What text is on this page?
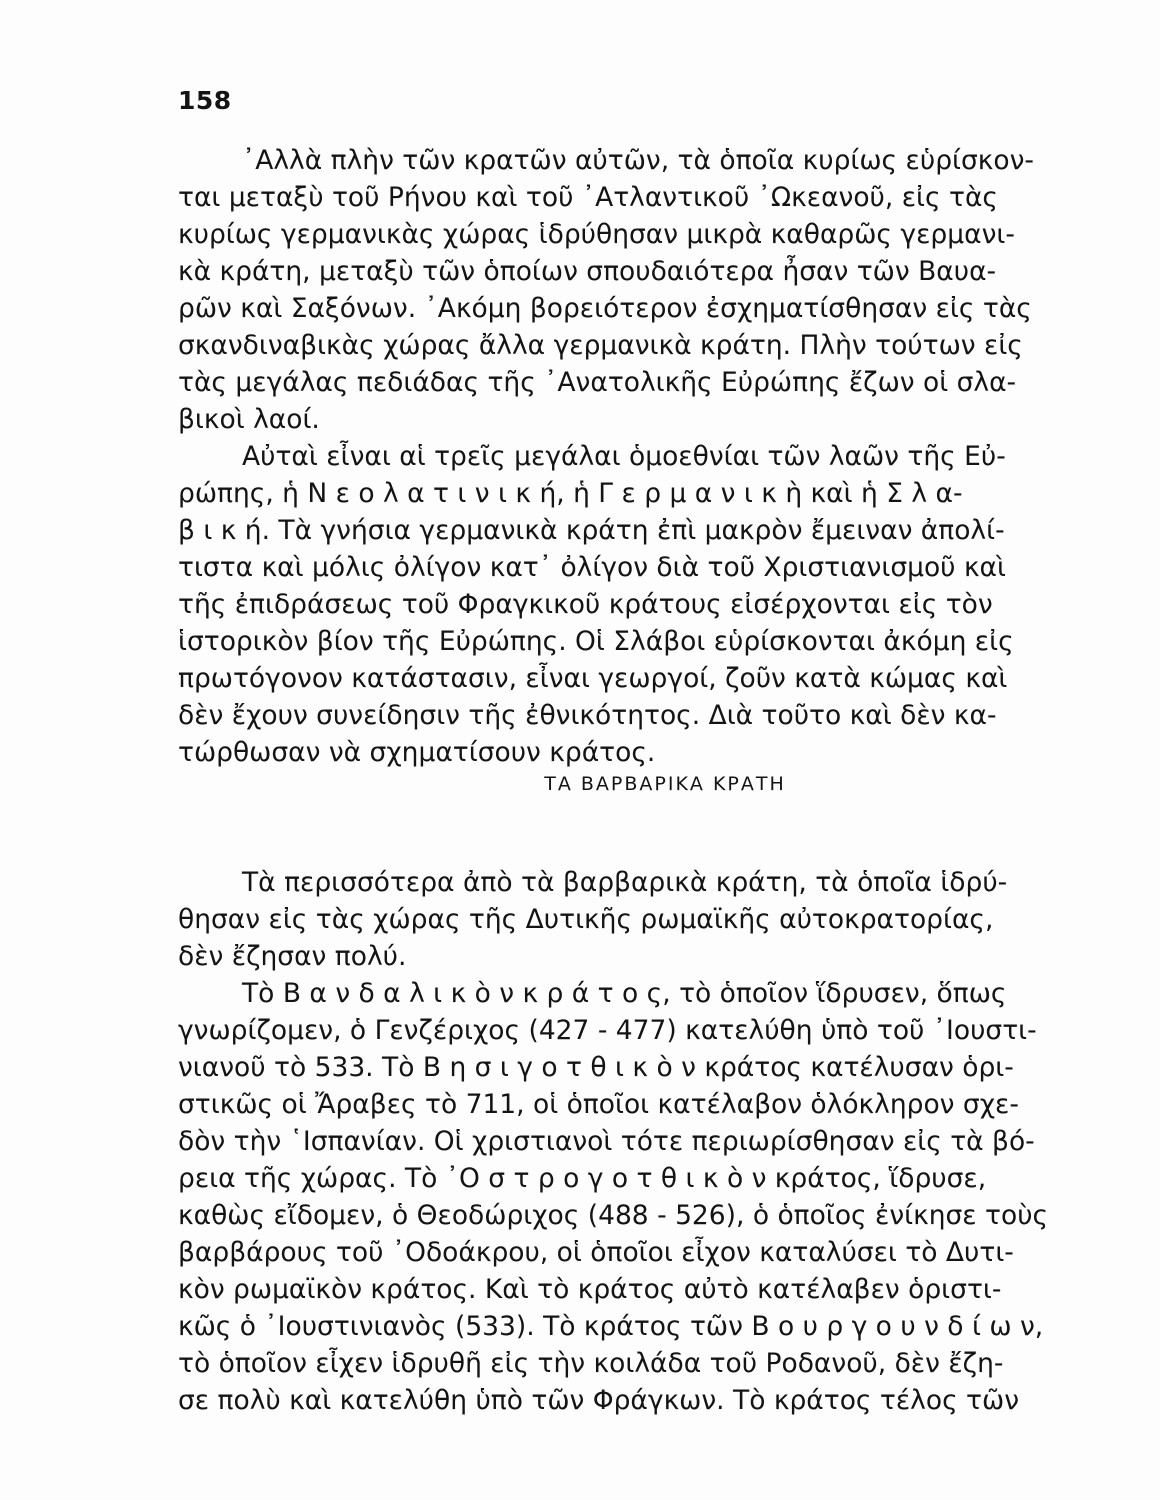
158
᾿Αλλὰ πλὴν τῶν κρατῶν αὐτῶν, τὰ ὁποῖα κυρίως εὑρίσκον-
ται μεταξὺ τοῦ Ρήνου καὶ τοῦ ᾿Ατλαντικοῦ ᾿Ωκεανοῦ, εἰς τὰς
κυρίως γερμανικὰς χώρας ἱδρύθησαν μικρὰ καθαρῶς γερμανι-
κὰ κράτη, μεταξὺ τῶν ὁποίων σπουδαιότερα ἦσαν τῶν Βαυα-
ρῶν καὶ Σαξόνων. ᾿Ακόμη βορειότερον ἐσχηματίσθησαν εἰς τὰς
σκανδιναβικὰς χώρας ἄλλα γερμανικὰ κράτη. Πλὴν τούτων εἰς
τὰς μεγάλας πεδιάδας τῆς ᾿Ανατολικῆς Εὐρώπης ἔζων οἱ σλα-
βικοὶ λαοί.
Αὐταὶ εἶναι αἱ τρεῖς μεγάλαι ὁμοεθνίαι τῶν λαῶν τῆς Εὐ-
ρώπης, ἡ Ν ε ο λ α τ ι ν ι κ ή, ἡ Γ ε ρ μ α ν ι κ ὴ καὶ ἡ Σ λ α-
β ι κ ή. Τὰ γνήσια γερμανικὰ κράτη ἐπὶ μακρὸν ἔμειναν ἀπολί-
τιστα καὶ μόλις ὀλίγον κατ᾿ ὀλίγον διὰ τοῦ Χριστιανισμοῦ καὶ
τῆς ἐπιδράσεως τοῦ Φραγκικοῦ κράτους εἰσέρχονται εἰς τὸν
ἱστορικὸν βίον τῆς Εὐρώπης. Οἱ Σλάβοι εὑρίσκονται ἀκόμη εἰς
πρωτόγονον κατάστασιν, εἶναι γεωργοί, ζοῦν κατὰ κώμας καὶ
δὲν ἔχουν συνείδησιν τῆς ἐθνικότητος. Διὰ τοῦτο καὶ δὲν κα-
τώρθωσαν νὰ σχηματίσουν κράτος.
ΤΑ ΒΑΡΒΑΡΙΚΑ ΚΡΑΤΗ
Τὰ περισσότερα ἀπὸ τὰ βαρβαρικὰ κράτη, τὰ ὁποῖα ἱδρύ-
θησαν εἰς τὰς χώρας τῆς Δυτικῆς ρωμαϊκῆς αὐτοκρατορίας,
δὲν ἔζησαν πολύ.
Τὸ Β α ν δ α λ ι κ ὸ ν κ ρ ά τ ο ς, τὸ ὁποῖον ἵδρυσεν, ὅπως
γνωρίζομεν, ὁ Γενζέριχος (427 - 477) κατελύθη ὑπὸ τοῦ ᾿Ιουστι-
νιανοῦ τὸ 533. Τὸ Β η σ ι γ ο τ θ ι κ ὸ ν κράτος κατέλυσαν ὁρι-
στικῶς οἱ Ἄραβες τὸ 711, οἱ ὁποῖοι κατέλαβον ὁλόκληρον σχε-
δὸν τὴν ῾Ισπανίαν. Οἱ χριστιανοὶ τότε περιωρίσθησαν εἰς τὰ βό-
ρεια τῆς χώρας. Τὸ ᾿Ο σ τ ρ ο γ ο τ θ ι κ ὸ ν κράτος, ἵδρυσε,
καθὼς εἴδομεν, ὁ Θεοδώριχος (488 - 526), ὁ ὁποῖος ἐνίκησε τοὺς
βαρβάρους τοῦ ᾿Οδοάκρου, οἱ ὁποῖοι εἶχον καταλύσει τὸ Δυτι-
κὸν ρωμαϊκὸν κράτος. Καὶ τὸ κράτος αὐτὸ κατέλαβεν ὁριστι-
κῶς ὁ ᾿Ιουστινιανὸς (533). Τὸ κράτος τῶν Β ο υ ρ γ ο υ ν δ ί ω ν,
τὸ ὁποῖον εἶχεν ἱδρυθῆ εἰς τὴν κοιλάδα τοῦ Ροδανοῦ, δὲν ἔζη-
σε πολὺ καὶ κατελύθη ὑπὸ τῶν Φράγκων. Τὸ κράτος τέλος τῶν
